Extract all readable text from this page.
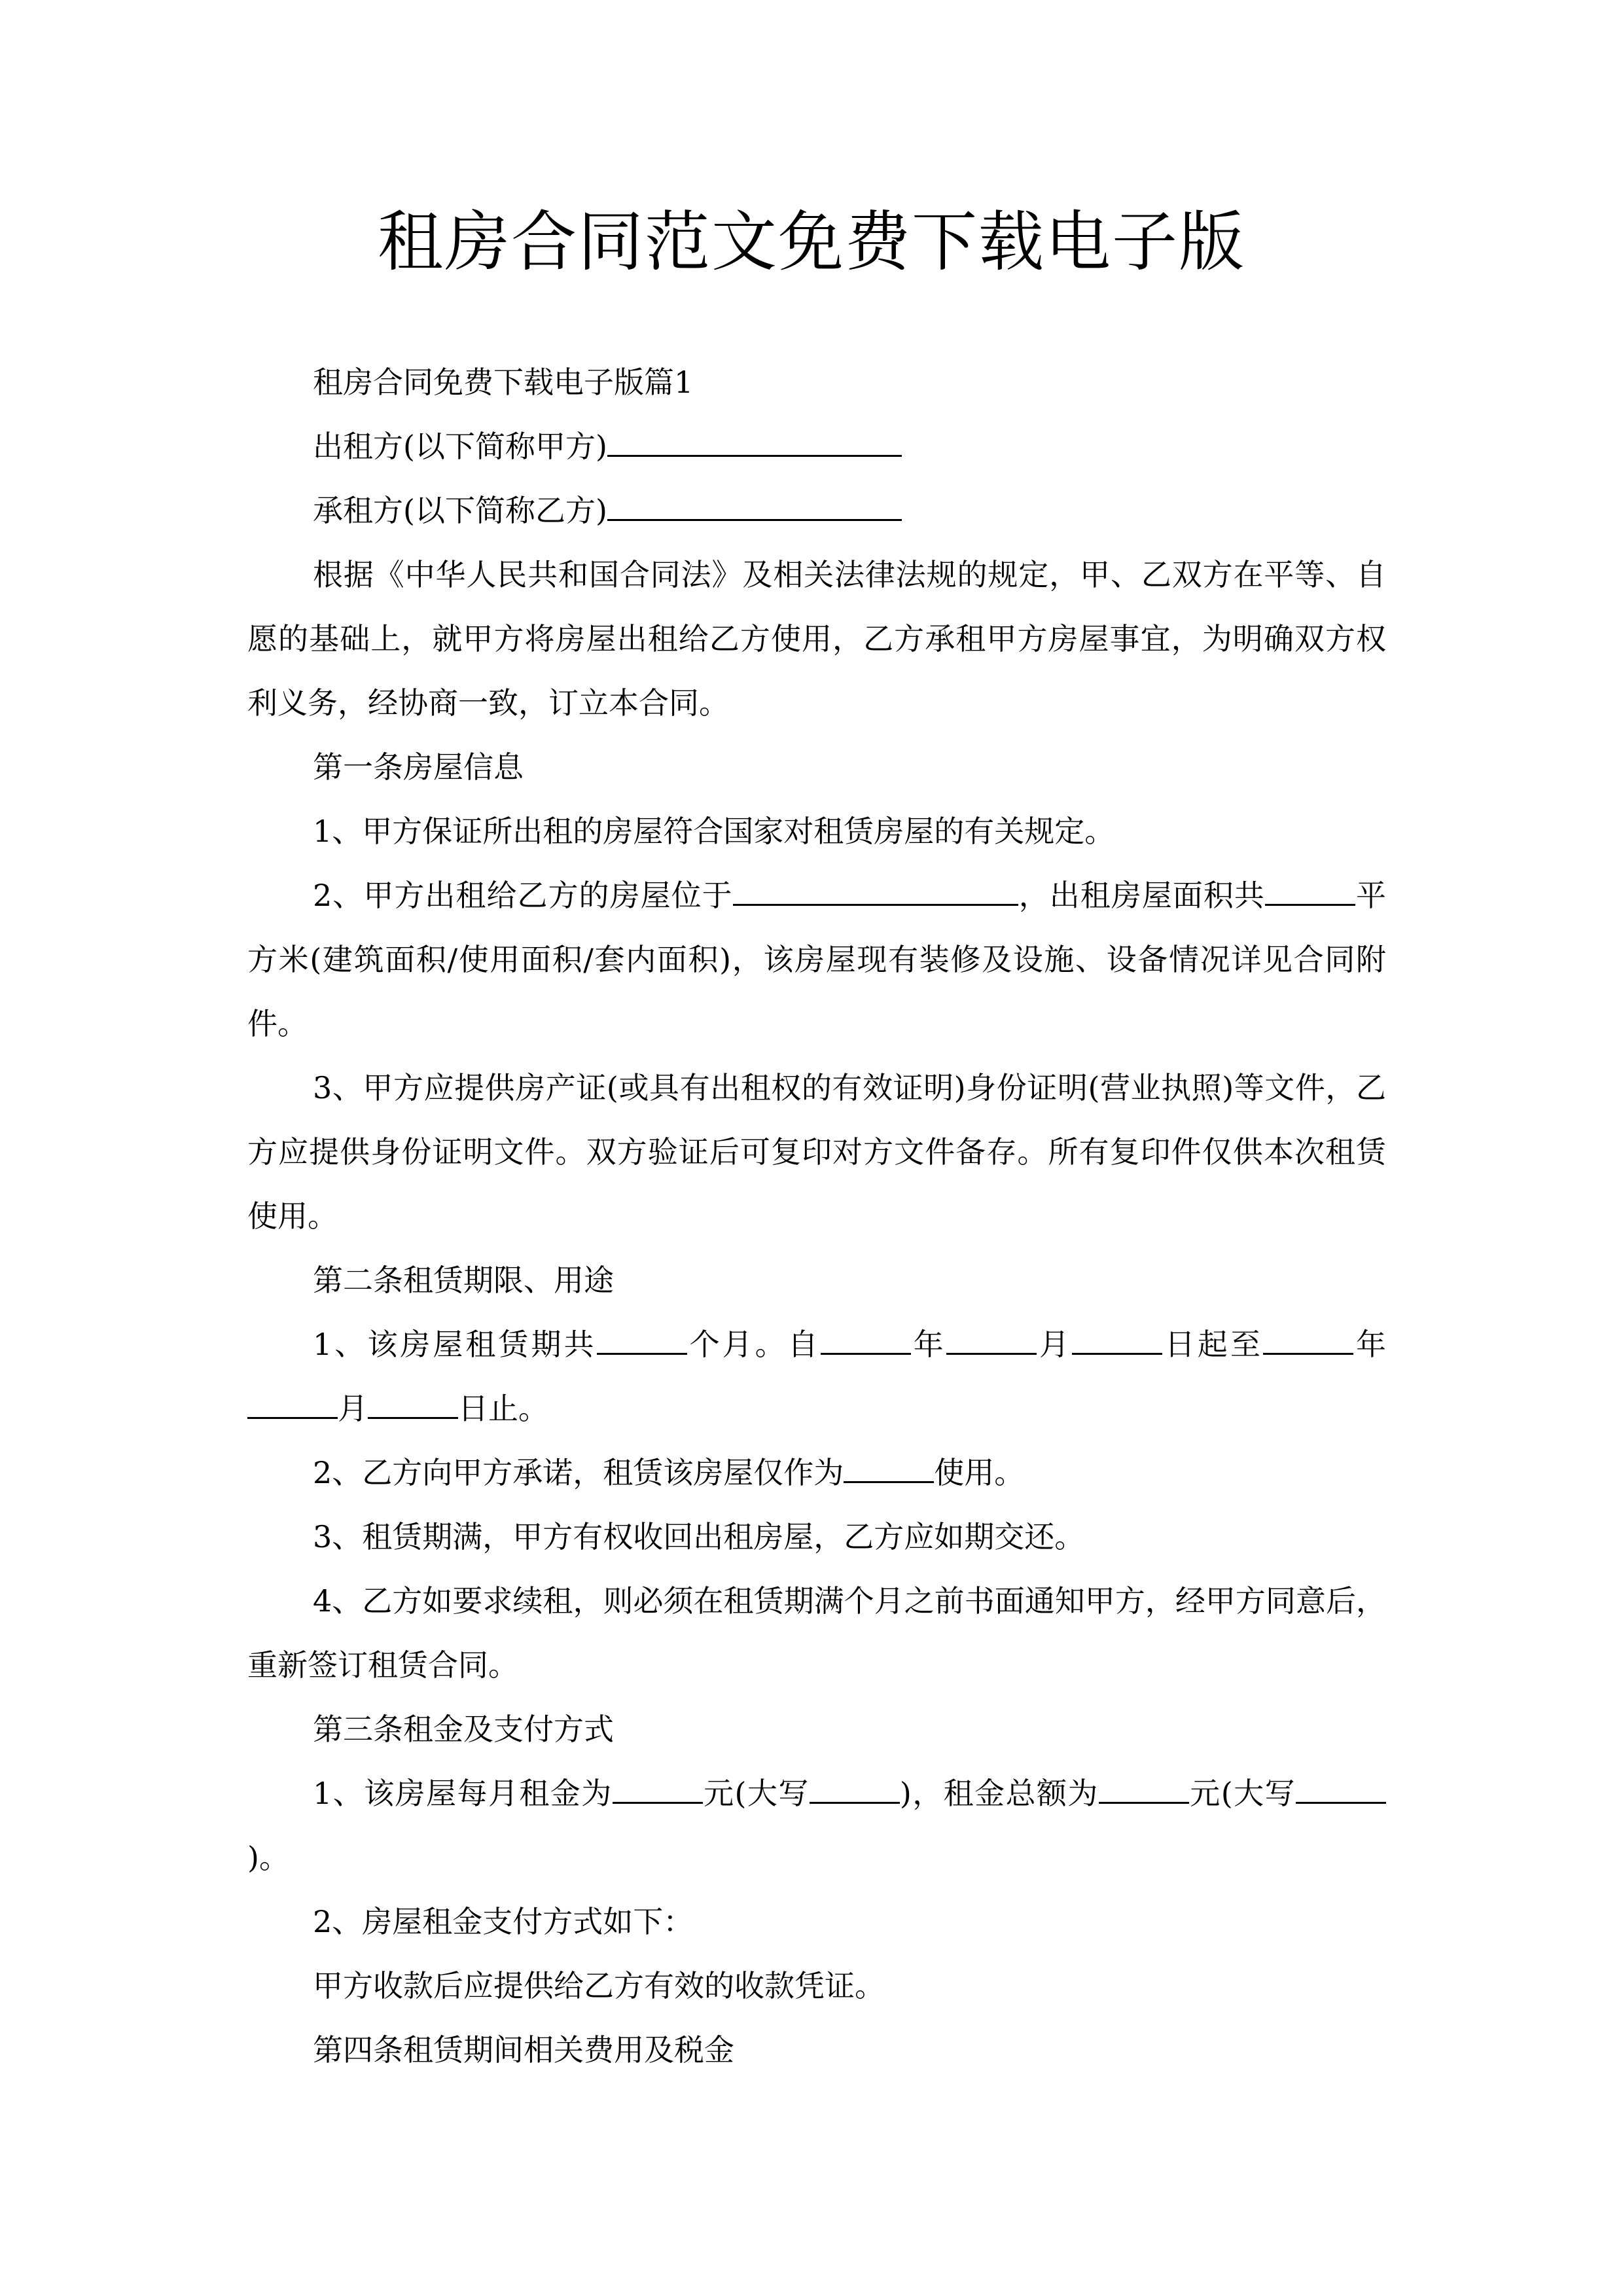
租房合同范文免费下载电子版

租房合同免费下载电子版篇1

出租方(以下简称甲方)

承租方(以下简称乙方)

根据《中华人民共和国合同法》及相关法律法规的规定，甲、乙双方在平等、自愿的基础上，就甲方将房屋出租给乙方使用，乙方承租甲方房屋事宜，为明确双方权利义务，经协商一致，订立本合同。

第一条房屋信息

1、甲方保证所出租的房屋符合国家对租赁房屋的有关规定。

2、甲方出租给乙方的房屋位于	，出租房屋面积共	平方米(建筑面积/使用面积/套内面积)，该房屋现有装修及设施、设备情况详见合同附件。

3、甲方应提供房产证(或具有出租权的有效证明)身份证明(营业执照)等文件，乙方应提供身份证明文件。双方验证后可复印对方文件备存。所有复印件仅供本次租赁使用。

第二条租赁期限、用途

1、该房屋租赁期共	个月。自	年	月	日起至	年月	日止。

2、乙方向甲方承诺，租赁该房屋仅作为	使用。

3、租赁期满，甲方有权收回出租房屋，乙方应如期交还。

4、乙方如要求续租，则必须在租赁期满个月之前书面通知甲方，经甲方同意后，重新签订租赁合同。

第三条租金及支付方式

1、该房屋每月租金为	元(大写	)，租金总额为	元(大写)。

2、房屋租金支付方式如下：

甲方收款后应提供给乙方有效的收款凭证。

第四条租赁期间相关费用及税金
